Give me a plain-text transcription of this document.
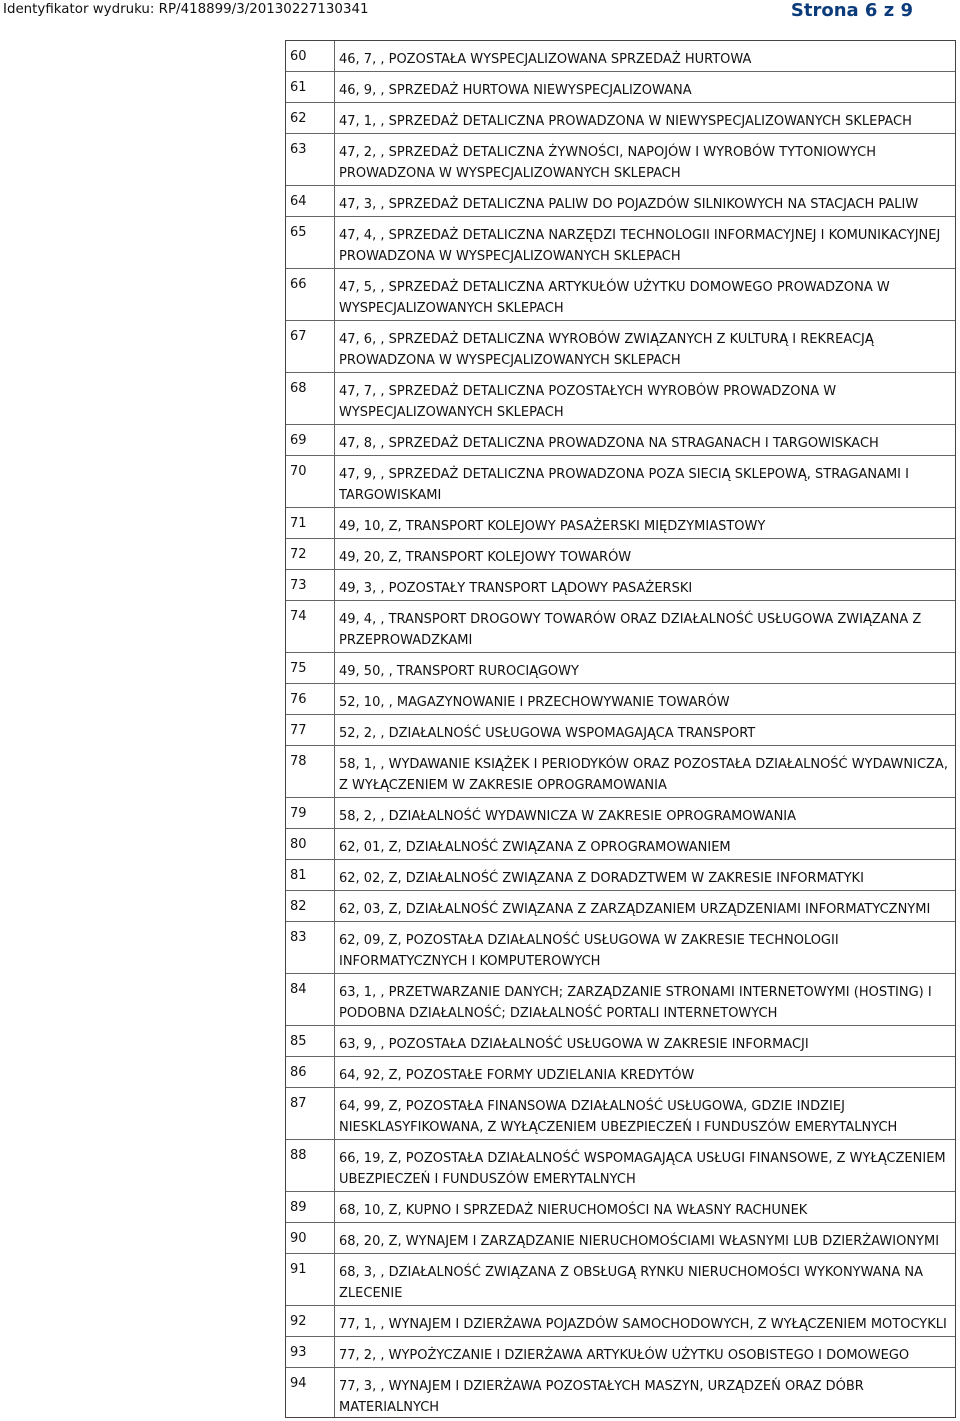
Identyfikator wydruku: RP/418899/3/20130227130341	Strona 6 z 9
60 46, 7, , POZOSTAŁA WYSPECJALIZOWANA SPRZEDAŻ HURTOWA
61 46, 9, , SPRZEDAŻ HURTOWA NIEWYSPECJALIZOWANA
62 47, 1, , SPRZEDAŻ DETALICZNA PROWADZONA W NIEWYSPECJALIZOWANYCH SKLEPACH
63 47, 2, , SPRZEDAŻ DETALICZNA ŻYWNOŚCI, NAPOJÓW I WYROBÓW TYTONIOWYCH PROWADZONA W WYSPECJALIZOWANYCH SKLEPACH
64 47, 3, , SPRZEDAŻ DETALICZNA PALIW DO POJAZDÓW SILNIKOWYCH NA STACJACH PALIW
65 47, 4, , SPRZEDAŻ DETALICZNA NARZĘDZI TECHNOLOGII INFORMACYJNEJ I KOMUNIKACYJNEJ PROWADZONA W WYSPECJALIZOWANYCH SKLEPACH
66 47, 5, , SPRZEDAŻ DETALICZNA ARTYKUŁÓW UŻYTKU DOMOWEGO PROWADZONA W WYSPECJALIZOWANYCH SKLEPACH
67 47, 6, , SPRZEDAŻ DETALICZNA WYROBÓW ZWIĄZANYCH Z KULTURĄ I REKREACJĄ PROWADZONA W WYSPECJALIZOWANYCH SKLEPACH
68 47, 7, , SPRZEDAŻ DETALICZNA POZOSTAŁYCH WYROBÓW PROWADZONA W WYSPECJALIZOWANYCH SKLEPACH
69 47, 8, , SPRZEDAŻ DETALICZNA PROWADZONA NA STRAGANACH I TARGOWISKACH
70 47, 9, , SPRZEDAŻ DETALICZNA PROWADZONA POZA SIECIĄ SKLEPOWĄ, STRAGANAMI I TARGOWISKAMI
71 49, 10, Z, TRANSPORT KOLEJOWY PASAŻERSKI MIĘDZYMIASTOWY
72 49, 20, Z, TRANSPORT KOLEJOWY TOWARÓW
73 49, 3, , POZOSTAŁY TRANSPORT LĄDOWY PASAŻERSKI
74 49, 4, , TRANSPORT DROGOWY TOWARÓW ORAZ DZIAŁALNOŚĆ USŁUGOWA ZWIĄZANA Z PRZEPROWADZKAMI
75 49, 50, , TRANSPORT RUROCIĄGOWY
76 52, 10, , MAGAZYNOWANIE I PRZECHOWYWANIE TOWARÓW
77 52, 2, , DZIAŁALNOŚĆ USŁUGOWA WSPOMAGAJĄCA TRANSPORT
78 58, 1, , WYDAWANIE KSIĄŻEK I PERIODYKÓW ORAZ POZOSTAŁA DZIAŁALNOŚĆ WYDAWNICZA, Z WYŁĄCZENIEM W ZAKRESIE OPROGRAMOWANIA
79 58, 2, , DZIAŁALNOŚĆ WYDAWNICZA W ZAKRESIE OPROGRAMOWANIA
80 62, 01, Z, DZIAŁALNOŚĆ ZWIĄZANA Z OPROGRAMOWANIEM
81 62, 02, Z, DZIAŁALNOŚĆ ZWIĄZANA Z DORADZTWEM W ZAKRESIE INFORMATYKI
82 62, 03, Z, DZIAŁALNOŚĆ ZWIĄZANA Z ZARZĄDZANIEM URZĄDZENIAMI INFORMATYCZNYMI
83 62, 09, Z, POZOSTAŁA DZIAŁALNOŚĆ USŁUGOWA W ZAKRESIE TECHNOLOGII INFORMATYCZNYCH I KOMPUTEROWYCH
84 63, 1, , PRZETWARZANIE DANYCH; ZARZĄDZANIE STRONAMI INTERNETOWYMI (HOSTING) I PODOBNA DZIAŁALNOŚĆ; DZIAŁALNOŚĆ PORTALI INTERNETOWYCH
85 63, 9, , POZOSTAŁA DZIAŁALNOŚĆ USŁUGOWA W ZAKRESIE INFORMACJI
86 64, 92, Z, POZOSTAŁE FORMY UDZIELANIA KREDYTÓW
87 64, 99, Z, POZOSTAŁA FINANSOWA DZIAŁALNOŚĆ USŁUGOWA, GDZIE INDZIEJ NIESKLASYFIKOWANA, Z WYŁĄCZENIEM UBEZPIECZEŃ I FUNDUSZÓW EMERYTALNYCH
88 66, 19, Z, POZOSTAŁA DZIAŁALNOŚĆ WSPOMAGAJĄCA USŁUGI FINANSOWE, Z WYŁĄCZENIEM UBEZPIECZEŃ I FUNDUSZÓW EMERYTALNYCH
89 68, 10, Z, KUPNO I SPRZEDAŻ NIERUCHOMOŚCI NA WŁASNY RACHUNEK
90 68, 20, Z, WYNAJEM I ZARZĄDZANIE NIERUCHOMOŚCIAMI WŁASNYMI LUB DZIERŻAWIONYMI
91 68, 3, , DZIAŁALNOŚĆ ZWIĄZANA Z OBSŁUGĄ RYNKU NIERUCHOMOŚCI WYKONYWANA NA ZLECENIE
92 77, 1, , WYNAJEM I DZIERŻAWA POJAZDÓW SAMOCHODOWYCH, Z WYŁĄCZENIEM MOTOCYKLI
93 77, 2, , WYPOŻYCZANIE I DZIERŻAWA ARTYKUŁÓW UŻYTKU OSOBISTEGO I DOMOWEGO
94 77, 3, , WYNAJEM I DZIERŻAWA POZOSTAŁYCH MASZYN, URZĄDZEŃ ORAZ DÓBR MATERIALNYCH
